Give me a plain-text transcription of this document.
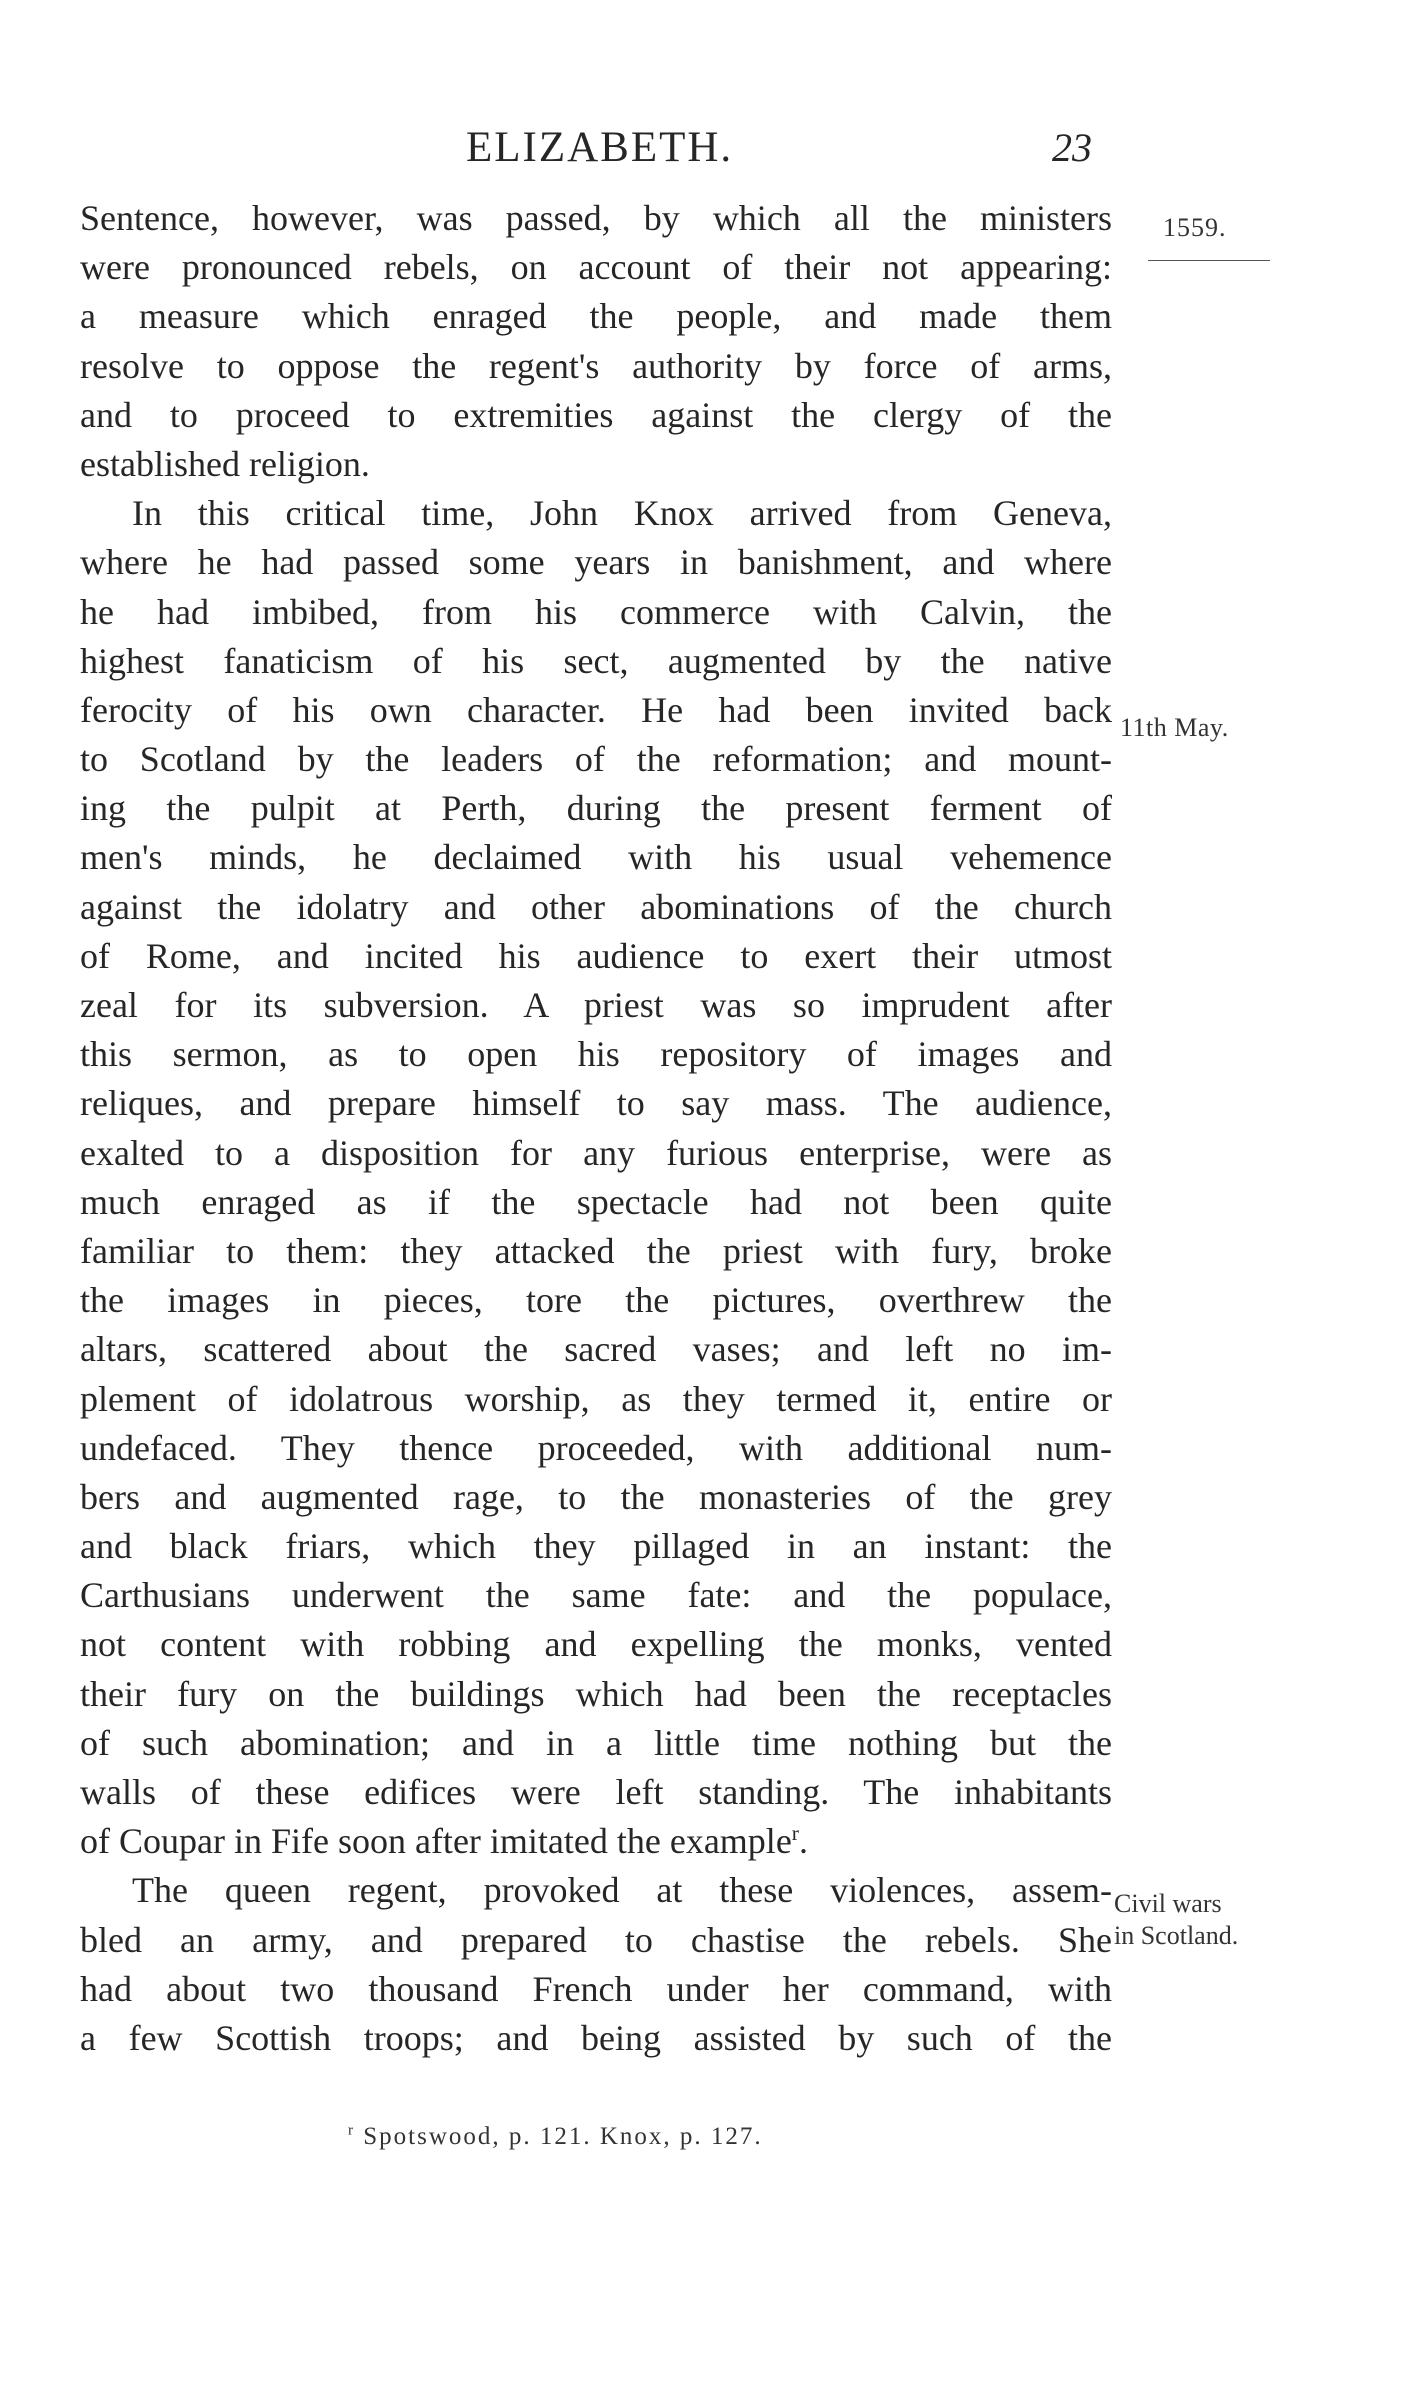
ELIZABETH.	23
1559.
11th May.
Civil wars
in Scotland.
Sentence, however, was passed, by which all the ministers
were pronounced rebels, on account of their not appearing:
a measure which enraged the people, and made them
resolve to oppose the regent's authority by force of arms,
and to proceed to extremities against the clergy of the
established religion.
In this critical time, John Knox arrived from Geneva,
where he had passed some years in banishment, and where
he had imbibed, from his commerce with Calvin, the
highest fanaticism of his sect, augmented by the native
ferocity of his own character. He had been invited back
to Scotland by the leaders of the reformation; and mount-
ing the pulpit at Perth, during the present ferment of
men's minds, he declaimed with his usual vehemence
against the idolatry and other abominations of the church
of Rome, and incited his audience to exert their utmost
zeal for its subversion. A priest was so imprudent after
this sermon, as to open his repository of images and
reliques, and prepare himself to say mass. The audience,
exalted to a disposition for any furious enterprise, were as
much enraged as if the spectacle had not been quite
familiar to them: they attacked the priest with fury, broke
the images in pieces, tore the pictures, overthrew the
altars, scattered about the sacred vases; and left no im-
plement of idolatrous worship, as they termed it, entire or
undefaced. They thence proceeded, with additional num-
bers and augmented rage, to the monasteries of the grey
and black friars, which they pillaged in an instant: the
Carthusians underwent the same fate: and the populace,
not content with robbing and expelling the monks, vented
their fury on the buildings which had been the receptacles
of such abomination; and in a little time nothing but the
walls of these edifices were left standing. The inhabitants
of Coupar in Fife soon after imitated the example$^r$.
The queen regent, provoked at these violences, assem-
bled an army, and prepared to chastise the rebels. She
had about two thousand French under her command, with
a few Scottish troops; and being assisted by such of the
$^r$ Spotswood, p. 121. Knox, p. 127.
